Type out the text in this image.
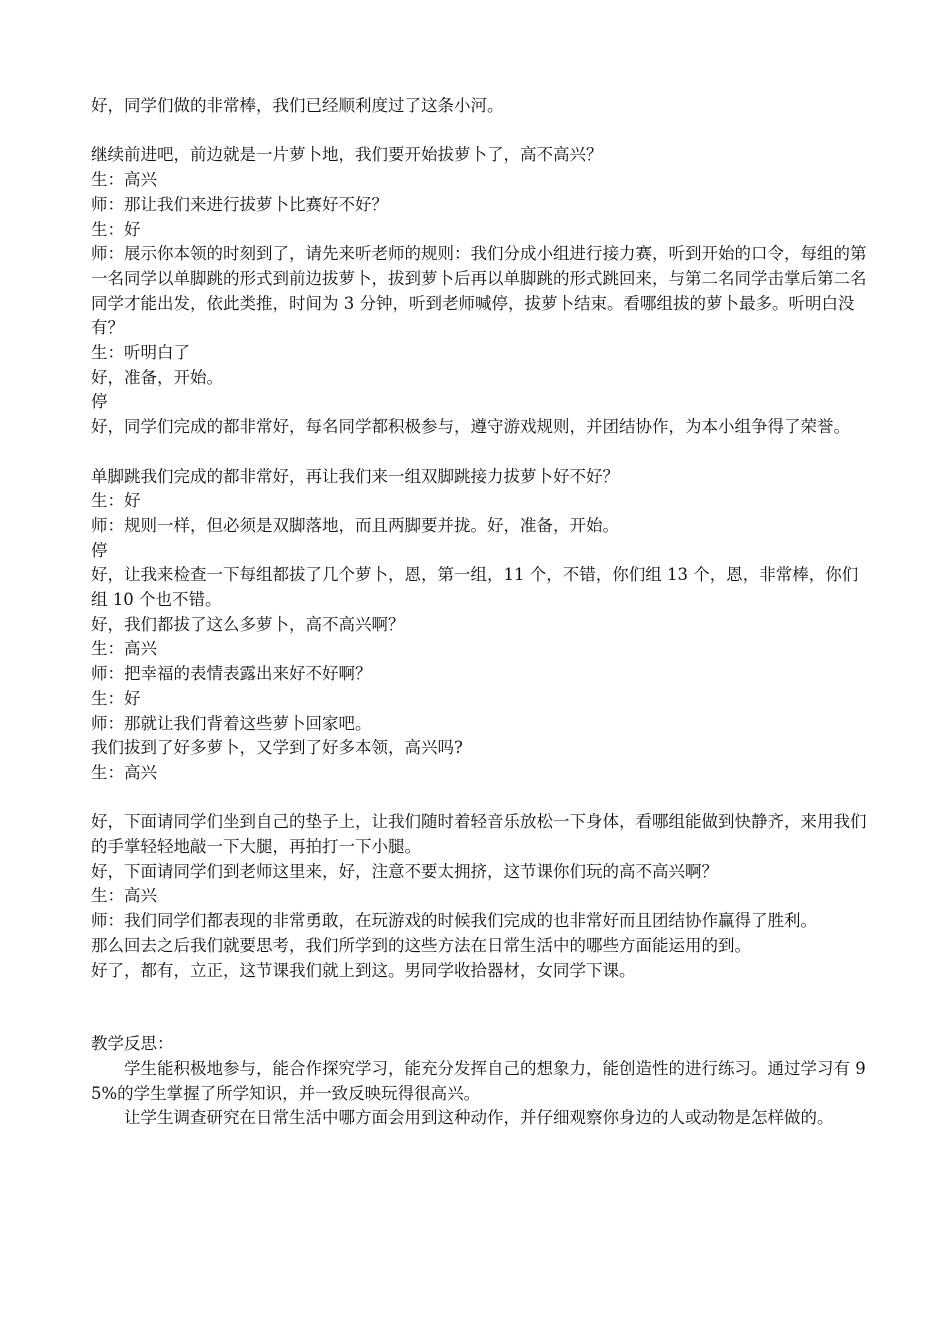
好，同学们做的非常棒，我们已经顺利度过了这条小河。

继续前进吧，前边就是一片萝卜地，我们要开始拔萝卜了，高不高兴？

生：高兴

师：那让我们来进行拔萝卜比赛好不好？

生：好

师：展示你本领的时刻到了，请先来听老师的规则：我们分成小组进行接力赛，听到开始的口令，每组的第一名同学以单脚跳的形式到前边拔萝卜，拔到萝卜后再以单脚跳的形式跳回来，与第二名同学击掌后第二名同学才能出发，依此类推，时间为 3 分钟，听到老师喊停，拔萝卜结束。看哪组拔的萝卜最多。听明白没有？

生：听明白了

好，准备，开始。

停

好，同学们完成的都非常好，每名同学都积极参与，遵守游戏规则，并团结协作，为本小组争得了荣誉。

单脚跳我们完成的都非常好，再让我们来一组双脚跳接力拔萝卜好不好？

生：好

师：规则一样，但必须是双脚落地，而且两脚要并拢。好，准备，开始。

停

好，让我来检查一下每组都拔了几个萝卜，恩，第一组，11 个，不错，你们组 13 个，恩，非常棒，你们组 10 个也不错。

好，我们都拔了这么多萝卜，高不高兴啊？

生：高兴

师：把幸福的表情表露出来好不好啊？

生：好

师：那就让我们背着这些萝卜回家吧。

我们拔到了好多萝卜，又学到了好多本领，高兴吗?

生：高兴

好，下面请同学们坐到自己的垫子上，让我们随时着轻音乐放松一下身体，看哪组能做到快静齐，来用我们的手掌轻轻地敲一下大腿，再拍打一下小腿。

好，下面请同学们到老师这里来，好，注意不要太拥挤，这节课你们玩的高不高兴啊？

生：高兴

师：我们同学们都表现的非常勇敢，在玩游戏的时候我们完成的也非常好而且团结协作赢得了胜利。

那么回去之后我们就要思考，我们所学到的这些方法在日常生活中的哪些方面能运用的到。

好了，都有，立正，这节课我们就上到这。男同学收拾器材，女同学下课。

教学反思：

学生能积极地参与，能合作探究学习，能充分发挥自己的想象力，能创造性的进行练习。通过学习有 95%的学生掌握了所学知识，并一致反映玩得很高兴。

让学生调查研究在日常生活中哪方面会用到这种动作，并仔细观察你身边的人或动物是怎样做的。
